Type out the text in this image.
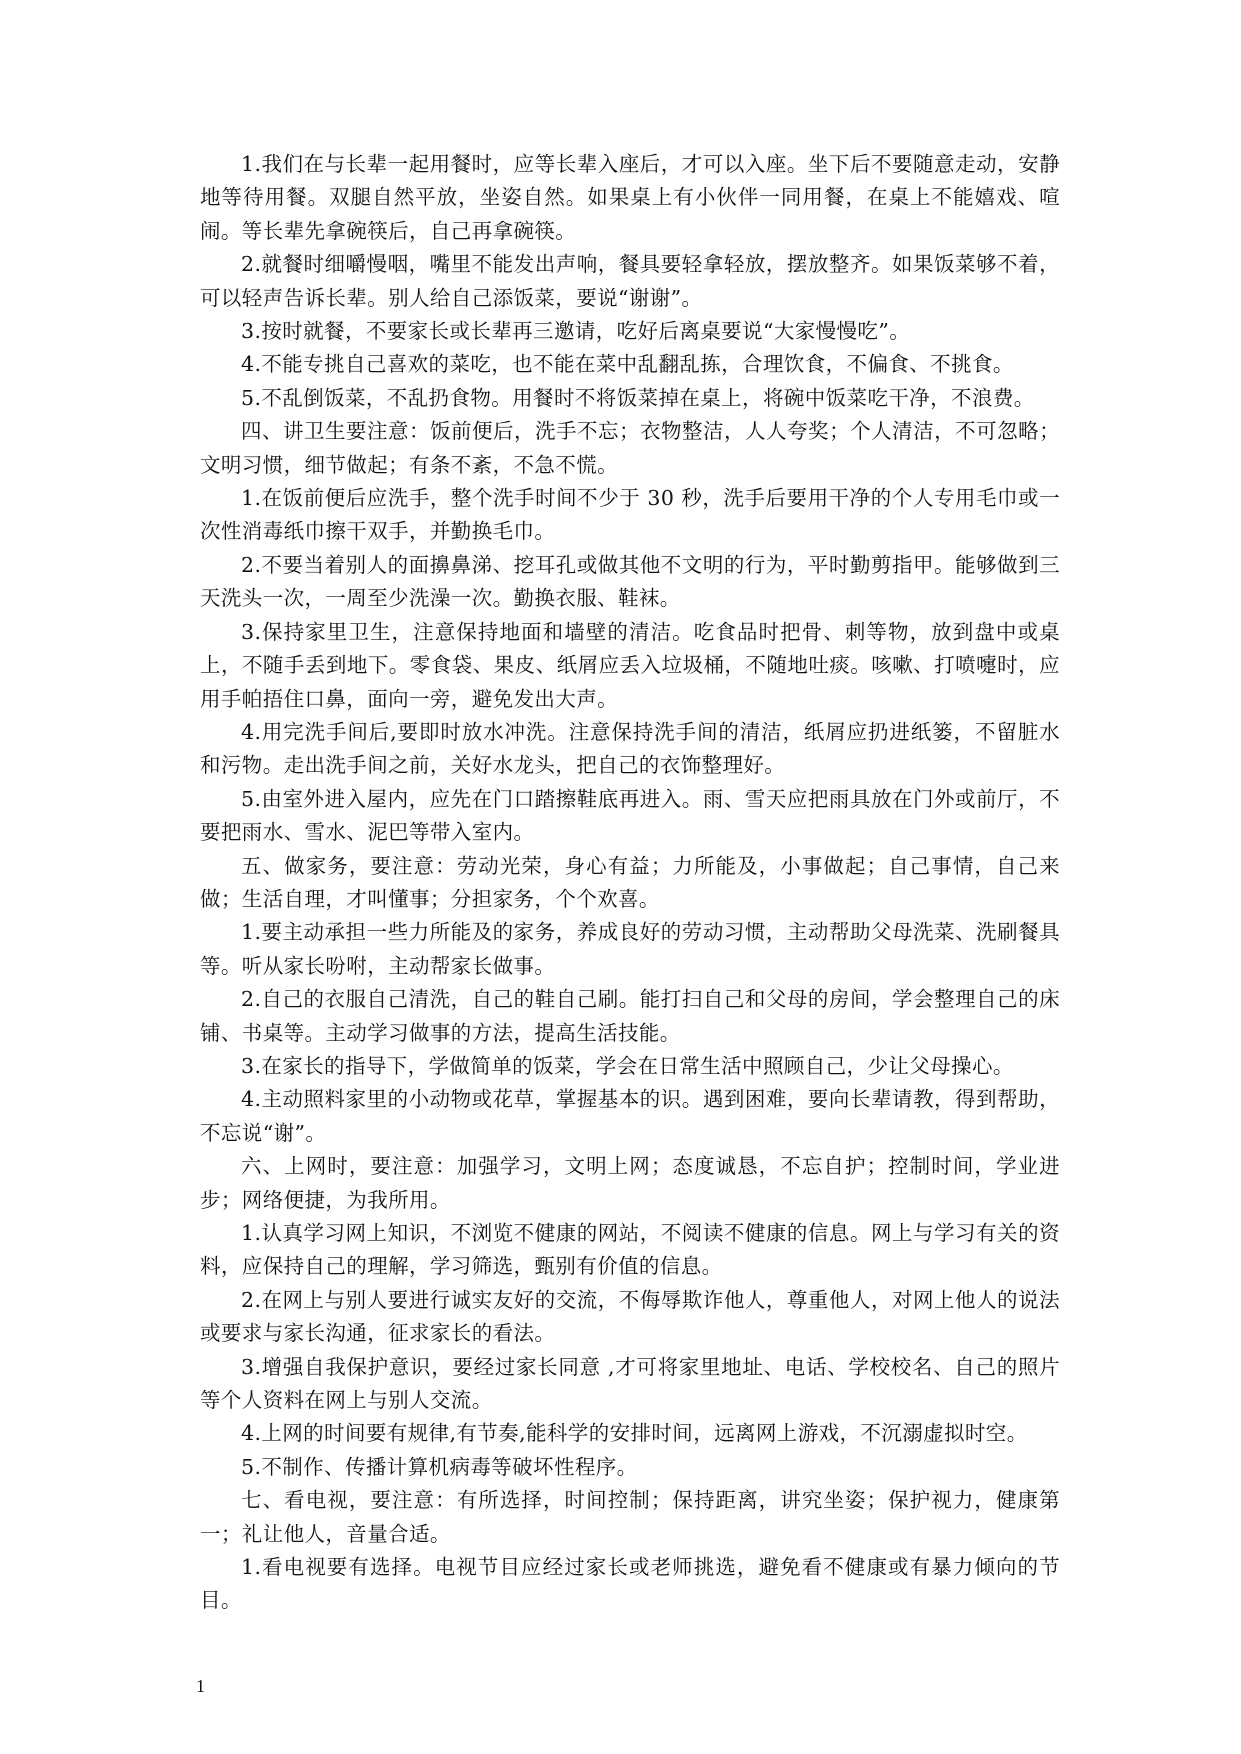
1.我们在与长辈一起用餐时，应等长辈入座后，才可以入座。坐下后不要随意走动，安静地等待用餐。双腿自然平放，坐姿自然。如果桌上有小伙伴一同用餐，在桌上不能嬉戏、喧闹。等长辈先拿碗筷后，自己再拿碗筷。

2.就餐时细嚼慢咽，嘴里不能发出声响，餐具要轻拿轻放，摆放整齐。如果饭菜够不着，可以轻声告诉长辈。别人给自己添饭菜，要说“谢谢”。

3.按时就餐，不要家长或长辈再三邀请，吃好后离桌要说“大家慢慢吃”。

4.不能专挑自己喜欢的菜吃，也不能在菜中乱翻乱拣，合理饮食，不偏食、不挑食。

5.不乱倒饭菜，不乱扔食物。用餐时不将饭菜掉在桌上，将碗中饭菜吃干净，不浪费。

四、讲卫生要注意：饭前便后，洗手不忘；衣物整洁，人人夸奖；个人清洁，不可忽略；文明习惯，细节做起；有条不紊，不急不慌。

1.在饭前便后应洗手，整个洗手时间不少于 30 秒，洗手后要用干净的个人专用毛巾或一次性消毒纸巾擦干双手，并勤换毛巾。

2.不要当着别人的面擤鼻涕、挖耳孔或做其他不文明的行为，平时勤剪指甲。能够做到三天洗头一次，一周至少洗澡一次。勤换衣服、鞋袜。

3.保持家里卫生，注意保持地面和墙壁的清洁。吃食品时把骨、刺等物，放到盘中或桌上，不随手丢到地下。零食袋、果皮、纸屑应丢入垃圾桶，不随地吐痰。咳嗽、打喷嚏时，应用手帕捂住口鼻，面向一旁，避免发出大声。

4.用完洗手间后,要即时放水冲洗。注意保持洗手间的清洁，纸屑应扔进纸篓，不留脏水和污物。走出洗手间之前，关好水龙头，把自己的衣饰整理好。

5.由室外进入屋内，应先在门口踏擦鞋底再进入。雨、雪天应把雨具放在门外或前厅，不要把雨水、雪水、泥巴等带入室内。

五、做家务，要注意：劳动光荣，身心有益；力所能及，小事做起；自己事情，自己来做；生活自理，才叫懂事；分担家务，个个欢喜。

1.要主动承担一些力所能及的家务，养成良好的劳动习惯，主动帮助父母洗菜、洗刷餐具等。听从家长吩咐，主动帮家长做事。

2.自己的衣服自己清洗，自己的鞋自己刷。能打扫自己和父母的房间，学会整理自己的床铺、书桌等。主动学习做事的方法，提高生活技能。

3.在家长的指导下，学做简单的饭菜，学会在日常生活中照顾自己，少让父母操心。

4.主动照料家里的小动物或花草，掌握基本的识。遇到困难，要向长辈请教，得到帮助，不忘说“谢”。

六、上网时，要注意：加强学习，文明上网；态度诚恳，不忘自护；控制时间，学业进步；网络便捷，为我所用。

1.认真学习网上知识，不浏览不健康的网站，不阅读不健康的信息。网上与学习有关的资料，应保持自己的理解，学习筛选，甄别有价值的信息。

2.在网上与别人要进行诚实友好的交流，不侮辱欺诈他人，尊重他人，对网上他人的说法或要求与家长沟通，征求家长的看法。

3.增强自我保护意识，要经过家长同意 ,才可将家里地址、电话、学校校名、自己的照片等个人资料在网上与别人交流。

4.上网的时间要有规律,有节奏,能科学的安排时间，远离网上游戏，不沉溺虚拟时空。

5.不制作、传播计算机病毒等破坏性程序。

七、看电视，要注意：有所选择，时间控制；保持距离，讲究坐姿；保护视力，健康第一；礼让他人，音量合适。

1.看电视要有选择。电视节目应经过家长或老师挑选，避免看不健康或有暴力倾向的节目。

1
